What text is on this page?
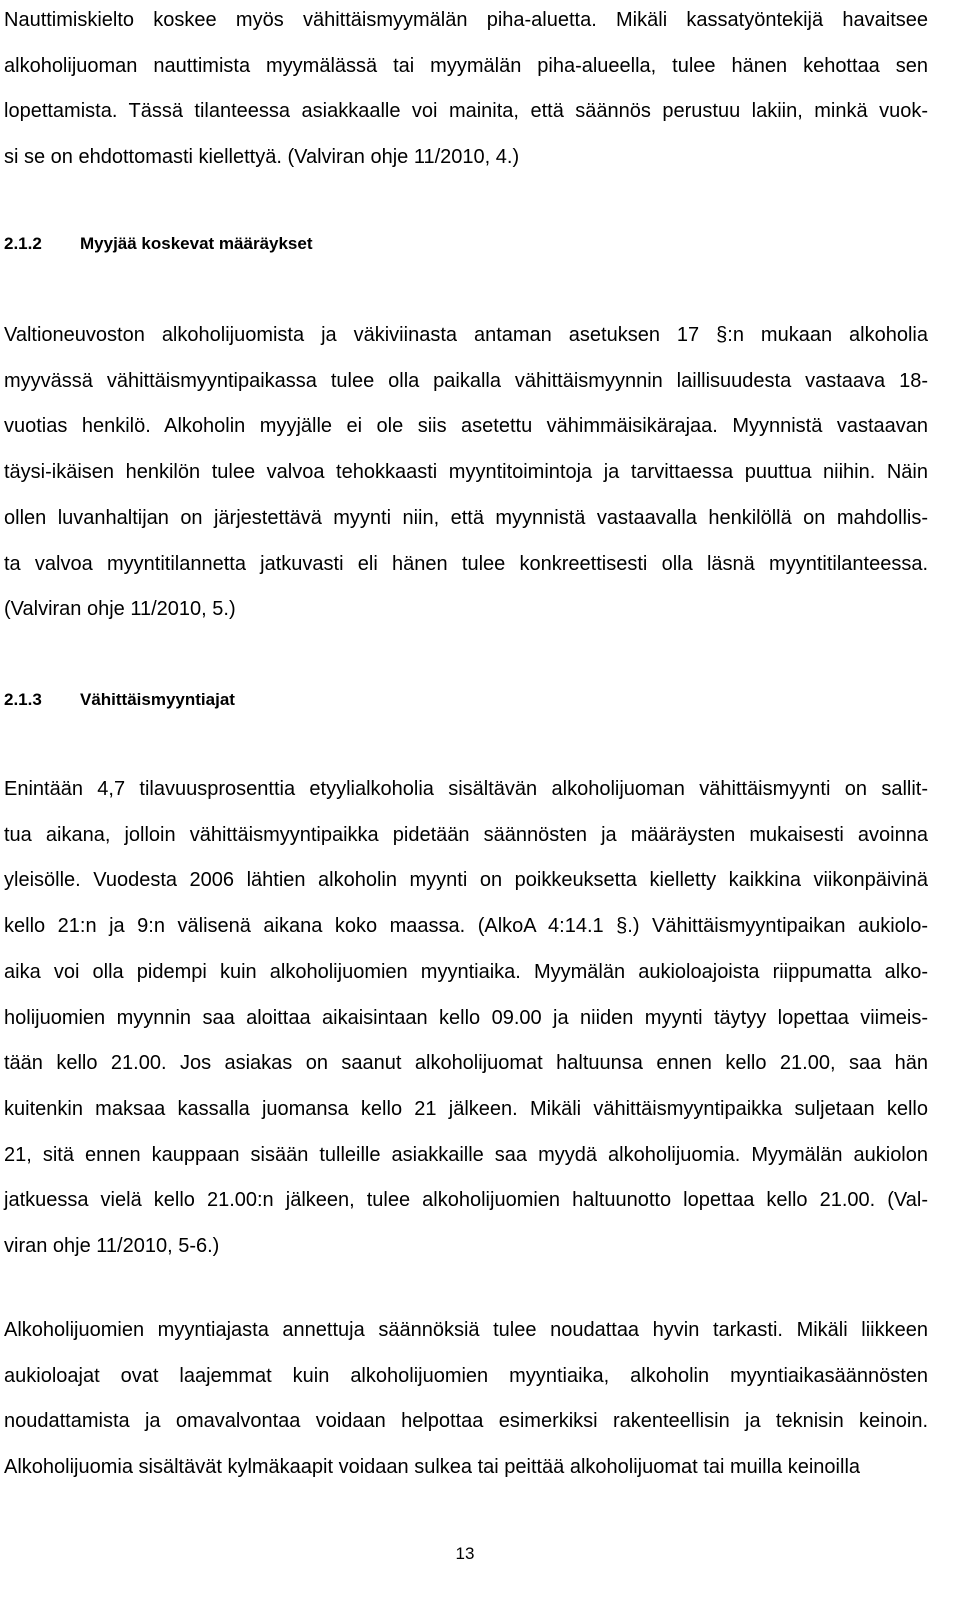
Nauttimiskielto koskee myös vähittäismyymälän piha-aluetta. Mikäli kassatyöntekijä havaitsee
alkoholijuoman nauttimista myymälässä tai myymälän piha-alueella, tulee hänen kehottaa sen
lopettamista. Tässä tilanteessa asiakkaalle voi mainita, että säännös perustuu lakiin, minkä vuok-
si se on ehdottomasti kiellettyä. (Valviran ohje 11/2010, 4.)

2.1.2 Myyjää koskevat määräykset

Valtioneuvoston alkoholijuomista ja väkiviinasta antaman asetuksen 17 §:n mukaan alkoholia
myyvässä vähittäismyyntipaikassa tulee olla paikalla vähittäismyynnin laillisuudesta vastaava 18-
vuotias henkilö. Alkoholin myyjälle ei ole siis asetettu vähimmäisikärajaa. Myynnistä vastaavan
täysi-ikäisen henkilön tulee valvoa tehokkaasti myyntitoimintoja ja tarvittaessa puuttua niihin. Näin
ollen luvanhaltijan on järjestettävä myynti niin, että myynnistä vastaavalla henkilöllä on mahdollis-
ta valvoa myyntitilannetta jatkuvasti eli hänen tulee konkreettisesti olla läsnä myyntitilanteessa.
(Valviran ohje 11/2010, 5.)

2.1.3 Vähittäismyyntiajat

Enintään 4,7 tilavuusprosenttia etyylialkoholia sisältävän alkoholijuoman vähittäismyynti on sallit-
tua aikana, jolloin vähittäismyyntipaikka pidetään säännösten ja määräysten mukaisesti avoinna
yleisölle. Vuodesta 2006 lähtien alkoholin myynti on poikkeuksetta kielletty kaikkina viikonpäivinä
kello 21:n ja 9:n välisenä aikana koko maassa. (AlkoA 4:14.1 §.) Vähittäismyyntipaikan aukiolo-
aika voi olla pidempi kuin alkoholijuomien myyntiaika. Myymälän aukioloajoista riippumatta alko-
holijuomien myynnin saa aloittaa aikaisintaan kello 09.00 ja niiden myynti täytyy lopettaa viimeis-
tään kello 21.00. Jos asiakas on saanut alkoholijuomat haltuunsa ennen kello 21.00, saa hän
kuitenkin maksaa kassalla juomansa kello 21 jälkeen. Mikäli vähittäismyyntipaikka suljetaan kello
21, sitä ennen kauppaan sisään tulleille asiakkaille saa myydä alkoholijuomia. Myymälän aukiolon
jatkuessa vielä kello 21.00:n jälkeen, tulee alkoholijuomien haltuunotto lopettaa kello 21.00. (Val-
viran ohje 11/2010, 5-6.)

Alkoholijuomien myyntiajasta annettuja säännöksiä tulee noudattaa hyvin tarkasti. Mikäli liikkeen
aukioloajat ovat laajemmat kuin alkoholijuomien myyntiaika, alkoholin myyntiaikasäännösten
noudattamista ja omavalvontaa voidaan helpottaa esimerkiksi rakenteellisin ja teknisin keinoin.
Alkoholijuomia sisältävät kylmäkaapit voidaan sulkea tai peittää alkoholijuomat tai muilla keinoilla

13
